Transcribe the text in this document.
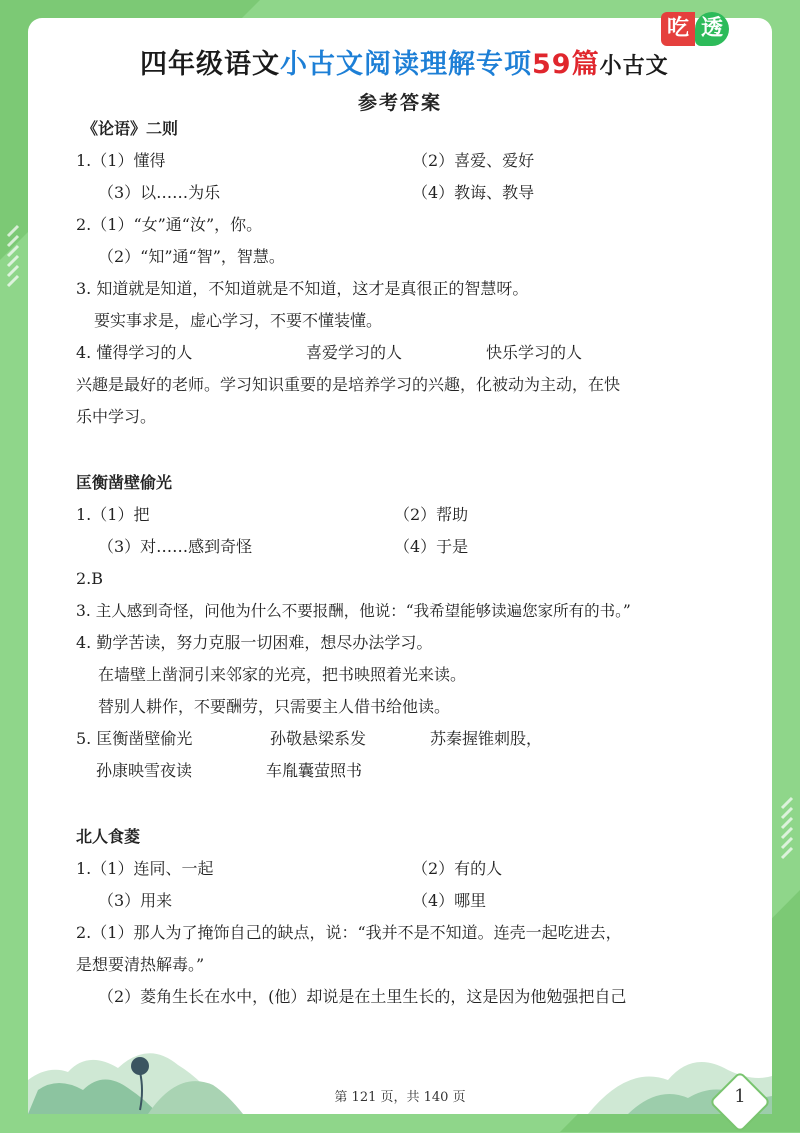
吃 透
四年级语文小古文阅读理解专项59篇小古文
参考答案
《论语》二则
1.（1）懂得	（2）喜爱、爱好
（3）以……为乐	（4）教诲、教导
2.（1）“女”通“汝”，你。
（2）“知”通“智”，智慧。
3. 知道就是知道，不知道就是不知道，这才是真很正的智慧呀。
要实事求是，虚心学习，不要不懂装懂。
4. 懂得学习的人	喜爱学习的人	快乐学习的人
兴趣是最好的老师。学习知识重要的是培养学习的兴趣，化被动为主动，在快
乐中学习。
匡衡凿壁偷光
1.（1）把	（2）帮助
（3）对……感到奇怪	（4）于是
2.B
3. 主人感到奇怪，问他为什么不要报酬，他说：“我希望能够读遍您家所有的书。”
4. 勤学苦读，努力克服一切困难，想尽办法学习。
在墙壁上凿洞引来邻家的光亮，把书映照着光来读。
替别人耕作，不要酬劳，只需要主人借书给他读。
5. 匡衡凿壁偷光	孙敬悬梁系发	苏秦握锥刺股，
孙康映雪夜读	车胤囊萤照书
北人食菱
1.（1）连同、一起	（2）有的人
（3）用来	（4）哪里
2.（1）那人为了掩饰自己的缺点，说：“我并不是不知道。连壳一起吃进去，
是想要清热解毒。”
（2）菱角生长在水中，(他）却说是在土里生长的，这是因为他勉强把自己
第 121 页，共 140 页	1
